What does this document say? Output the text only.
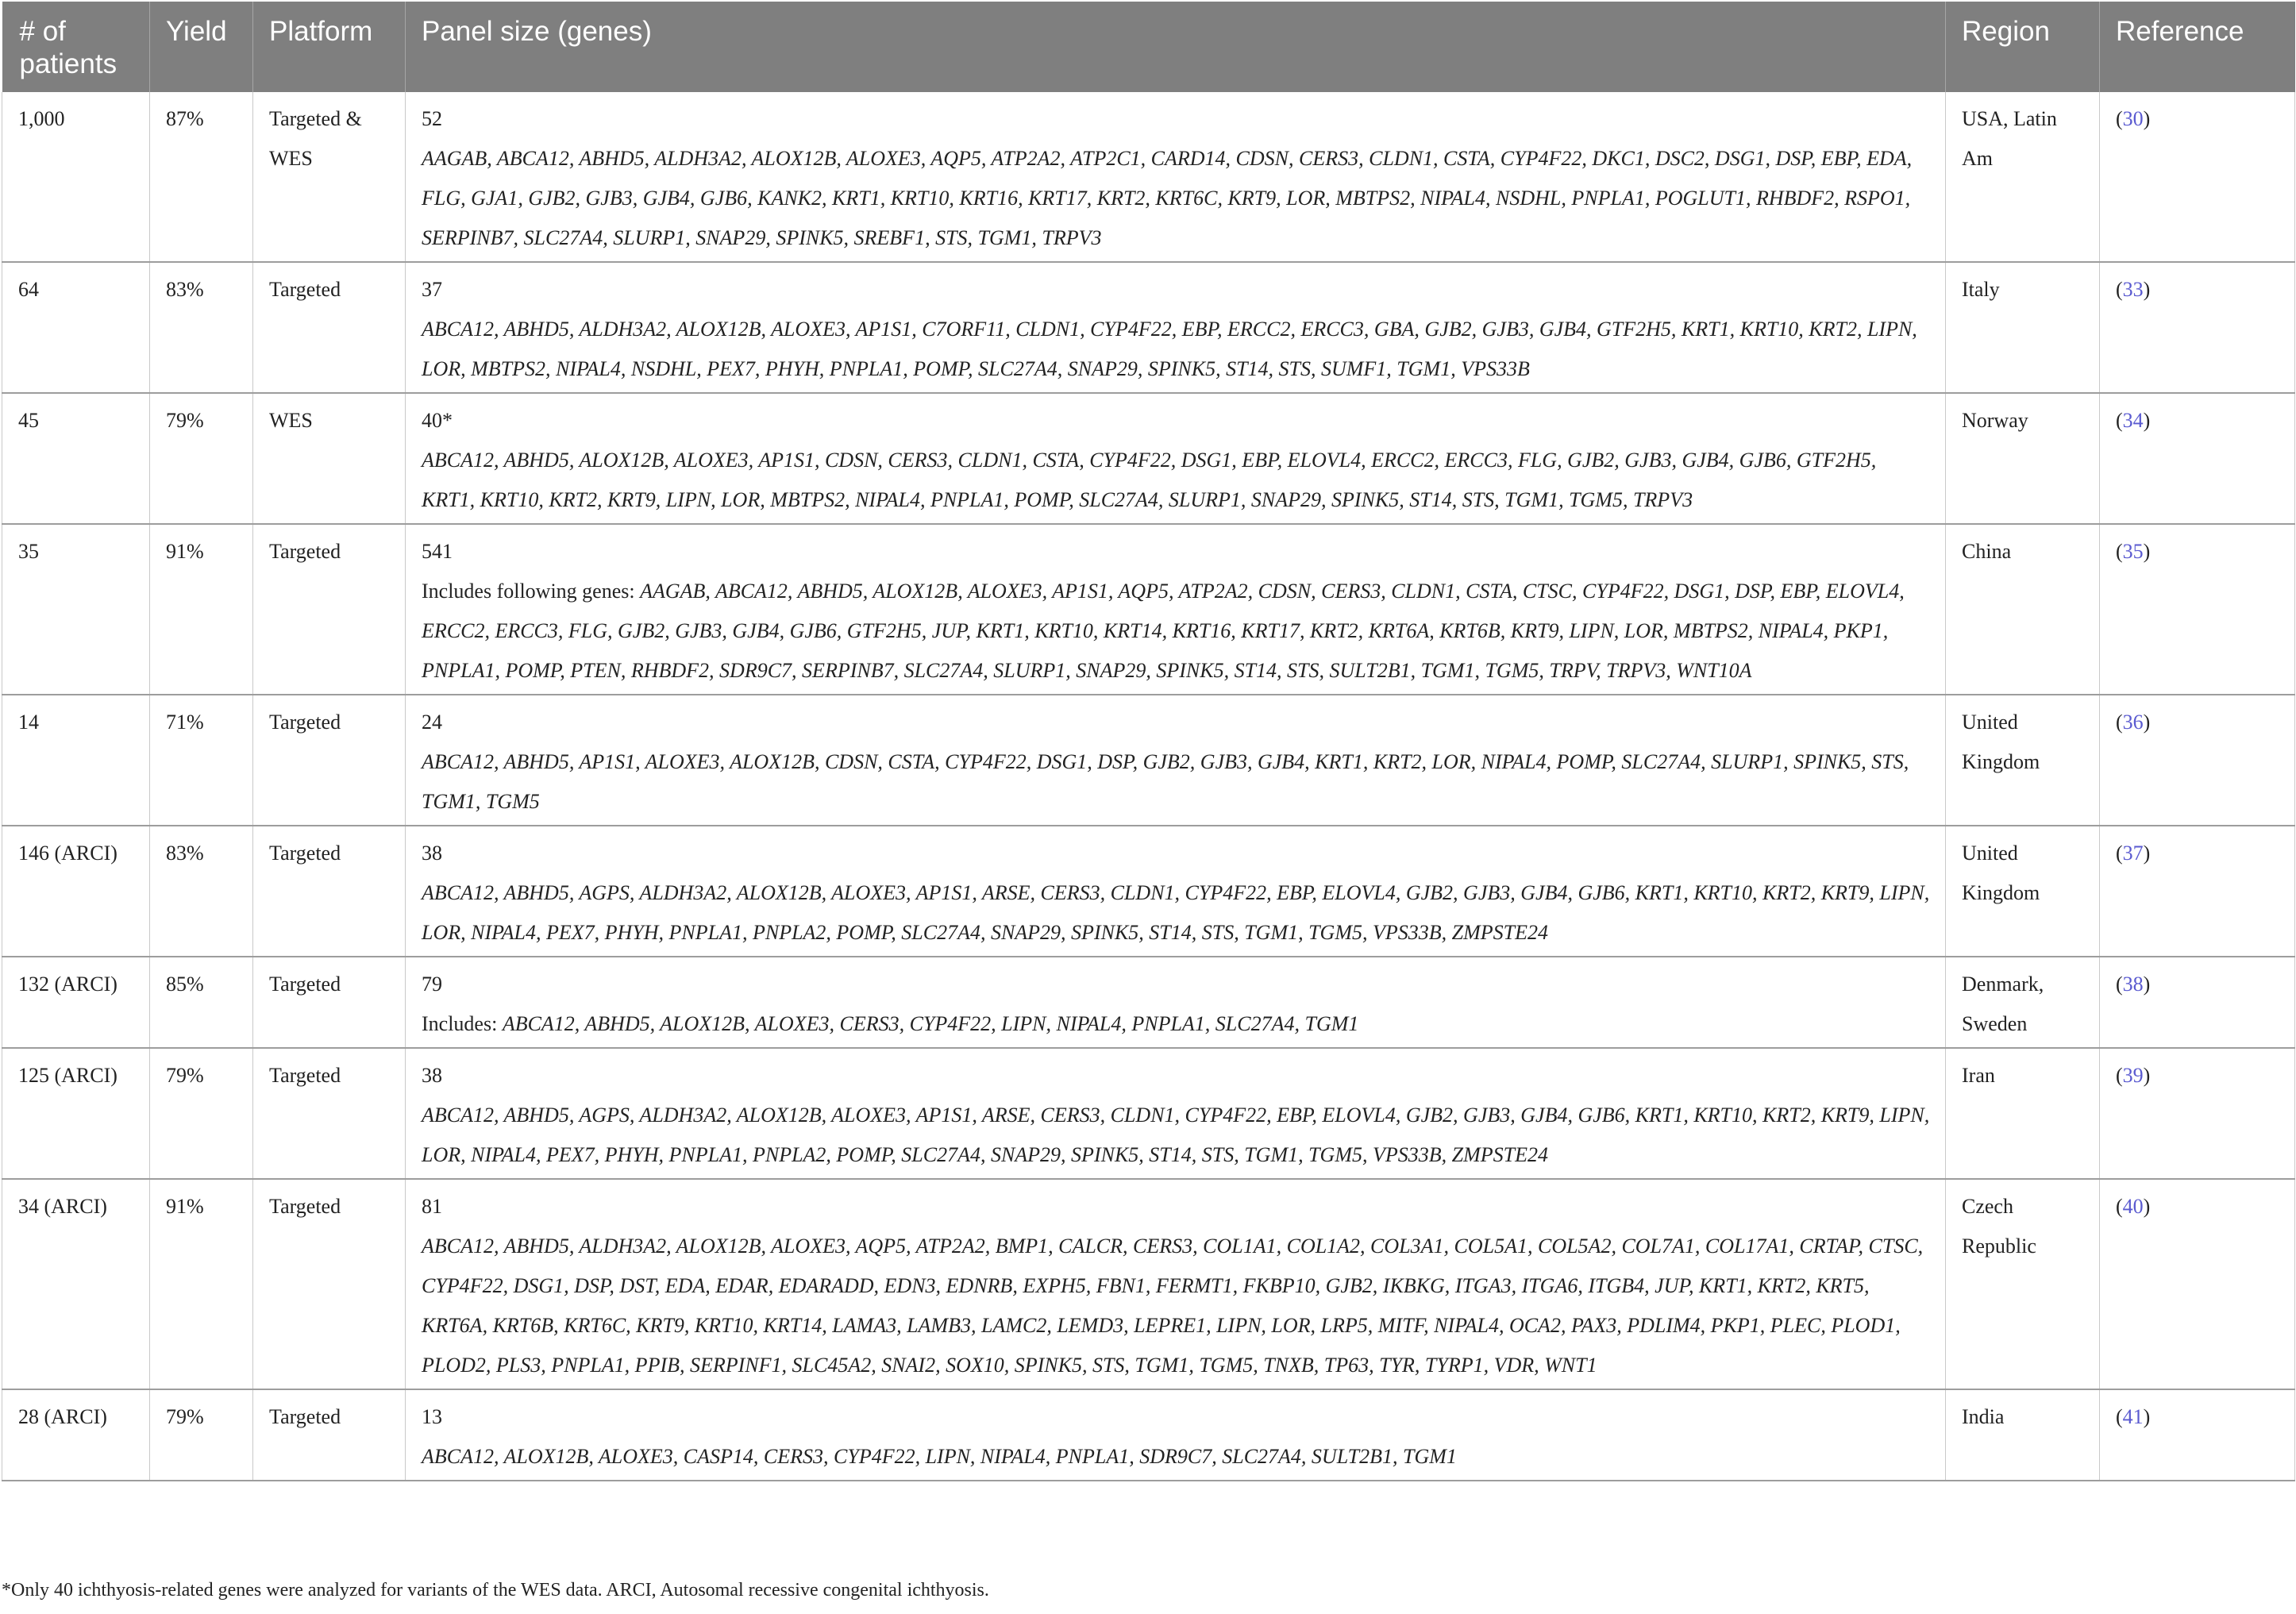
# of patients	Yield	Platform	Panel size (genes)	Region	Reference
1,000	87%	Targeted & WES	52
AAGAB, ABCA12, ABHD5, ALDH3A2, ALOX12B, ALOXE3, AQP5, ATP2A2, ATP2C1, CARD14, CDSN, CERS3, CLDN1, CSTA, CYP4F22, DKC1, DSC2, DSG1, DSP, EBP, EDA, FLG, GJA1, GJB2, GJB3, GJB4, GJB6, KANK2, KRT1, KRT10, KRT16, KRT17, KRT2, KRT6C, KRT9, LOR, MBTPS2, NIPAL4, NSDHL, PNPLA1, POGLUT1, RHBDF2, RSPO1, SERPINB7, SLC27A4, SLURP1, SNAP29, SPINK5, SREBF1, STS, TGM1, TRPV3	USA, Latin Am	(30)
64	83%	Targeted	37
ABCA12, ABHD5, ALDH3A2, ALOX12B, ALOXE3, AP1S1, C7ORF11, CLDN1, CYP4F22, EBP, ERCC2, ERCC3, GBA, GJB2, GJB3, GJB4, GTF2H5, KRT1, KRT10, KRT2, LIPN, LOR, MBTPS2, NIPAL4, NSDHL, PEX7, PHYH, PNPLA1, POMP, SLC27A4, SNAP29, SPINK5, ST14, STS, SUMF1, TGM1, VPS33B	Italy	(33)
45	79%	WES	40*
ABCA12, ABHD5, ALOX12B, ALOXE3, AP1S1, CDSN, CERS3, CLDN1, CSTA, CYP4F22, DSG1, EBP, ELOVL4, ERCC2, ERCC3, FLG, GJB2, GJB3, GJB4, GJB6, GTF2H5, KRT1, KRT10, KRT2, KRT9, LIPN, LOR, MBTPS2, NIPAL4, PNPLA1, POMP, SLC27A4, SLURP1, SNAP29, SPINK5, ST14, STS, TGM1, TGM5, TRPV3	Norway	(34)
35	91%	Targeted	541
Includes following genes: AAGAB, ABCA12, ABHD5, ALOX12B, ALOXE3, AP1S1, AQP5, ATP2A2, CDSN, CERS3, CLDN1, CSTA, CTSC, CYP4F22, DSG1, DSP, EBP, ELOVL4, ERCC2, ERCC3, FLG, GJB2, GJB3, GJB4, GJB6, GTF2H5, JUP, KRT1, KRT10, KRT14, KRT16, KRT17, KRT2, KRT6A, KRT6B, KRT9, LIPN, LOR, MBTPS2, NIPAL4, PKP1, PNPLA1, POMP, PTEN, RHBDF2, SDR9C7, SERPINB7, SLC27A4, SLURP1, SNAP29, SPINK5, ST14, STS, SULT2B1, TGM1, TGM5, TRPV, TRPV3, WNT10A	China	(35)
14	71%	Targeted	24
ABCA12, ABHD5, AP1S1, ALOXE3, ALOX12B, CDSN, CSTA, CYP4F22, DSG1, DSP, GJB2, GJB3, GJB4, KRT1, KRT2, LOR, NIPAL4, POMP, SLC27A4, SLURP1, SPINK5, STS, TGM1, TGM5	United Kingdom	(36)
146 (ARCI)	83%	Targeted	38
ABCA12, ABHD5, AGPS, ALDH3A2, ALOX12B, ALOXE3, AP1S1, ARSE, CERS3, CLDN1, CYP4F22, EBP, ELOVL4, GJB2, GJB3, GJB4, GJB6, KRT1, KRT10, KRT2, KRT9, LIPN, LOR, NIPAL4, PEX7, PHYH, PNPLA1, PNPLA2, POMP, SLC27A4, SNAP29, SPINK5, ST14, STS, TGM1, TGM5, VPS33B, ZMPSTE24	United Kingdom	(37)
132 (ARCI)	85%	Targeted	79
Includes: ABCA12, ABHD5, ALOX12B, ALOXE3, CERS3, CYP4F22, LIPN, NIPAL4, PNPLA1, SLC27A4, TGM1	Denmark, Sweden	(38)
125 (ARCI)	79%	Targeted	38
ABCA12, ABHD5, AGPS, ALDH3A2, ALOX12B, ALOXE3, AP1S1, ARSE, CERS3, CLDN1, CYP4F22, EBP, ELOVL4, GJB2, GJB3, GJB4, GJB6, KRT1, KRT10, KRT2, KRT9, LIPN, LOR, NIPAL4, PEX7, PHYH, PNPLA1, PNPLA2, POMP, SLC27A4, SNAP29, SPINK5, ST14, STS, TGM1, TGM5, VPS33B, ZMPSTE24	Iran	(39)
34 (ARCI)	91%	Targeted	81
ABCA12, ABHD5, ALDH3A2, ALOX12B, ALOXE3, AQP5, ATP2A2, BMP1, CALCR, CERS3, COL1A1, COL1A2, COL3A1, COL5A1, COL5A2, COL7A1, COL17A1, CRTAP, CTSC, CYP4F22, DSG1, DSP, DST, EDA, EDAR, EDARADD, EDN3, EDNRB, EXPH5, FBN1, FERMT1, FKBP10, GJB2, IKBKG, ITGA3, ITGA6, ITGB4, JUP, KRT1, KRT2, KRT5, KRT6A, KRT6B, KRT6C, KRT9, KRT10, KRT14, LAMA3, LAMB3, LAMC2, LEMD3, LEPRE1, LIPN, LOR, LRP5, MITF, NIPAL4, OCA2, PAX3, PDLIM4, PKP1, PLEC, PLOD1, PLOD2, PLS3, PNPLA1, PPIB, SERPINF1, SLC45A2, SNAI2, SOX10, SPINK5, STS, TGM1, TGM5, TNXB, TP63, TYR, TYRP1, VDR, WNT1	Czech Republic	(40)
28 (ARCI)	79%	Targeted	13
ABCA12, ALOX12B, ALOXE3, CASP14, CERS3, CYP4F22, LIPN, NIPAL4, PNPLA1, SDR9C7, SLC27A4, SULT2B1, TGM1	India	(41)
*Only 40 ichthyosis-related genes were analyzed for variants of the WES data. ARCI, Autosomal recessive congenital ichthyosis.
